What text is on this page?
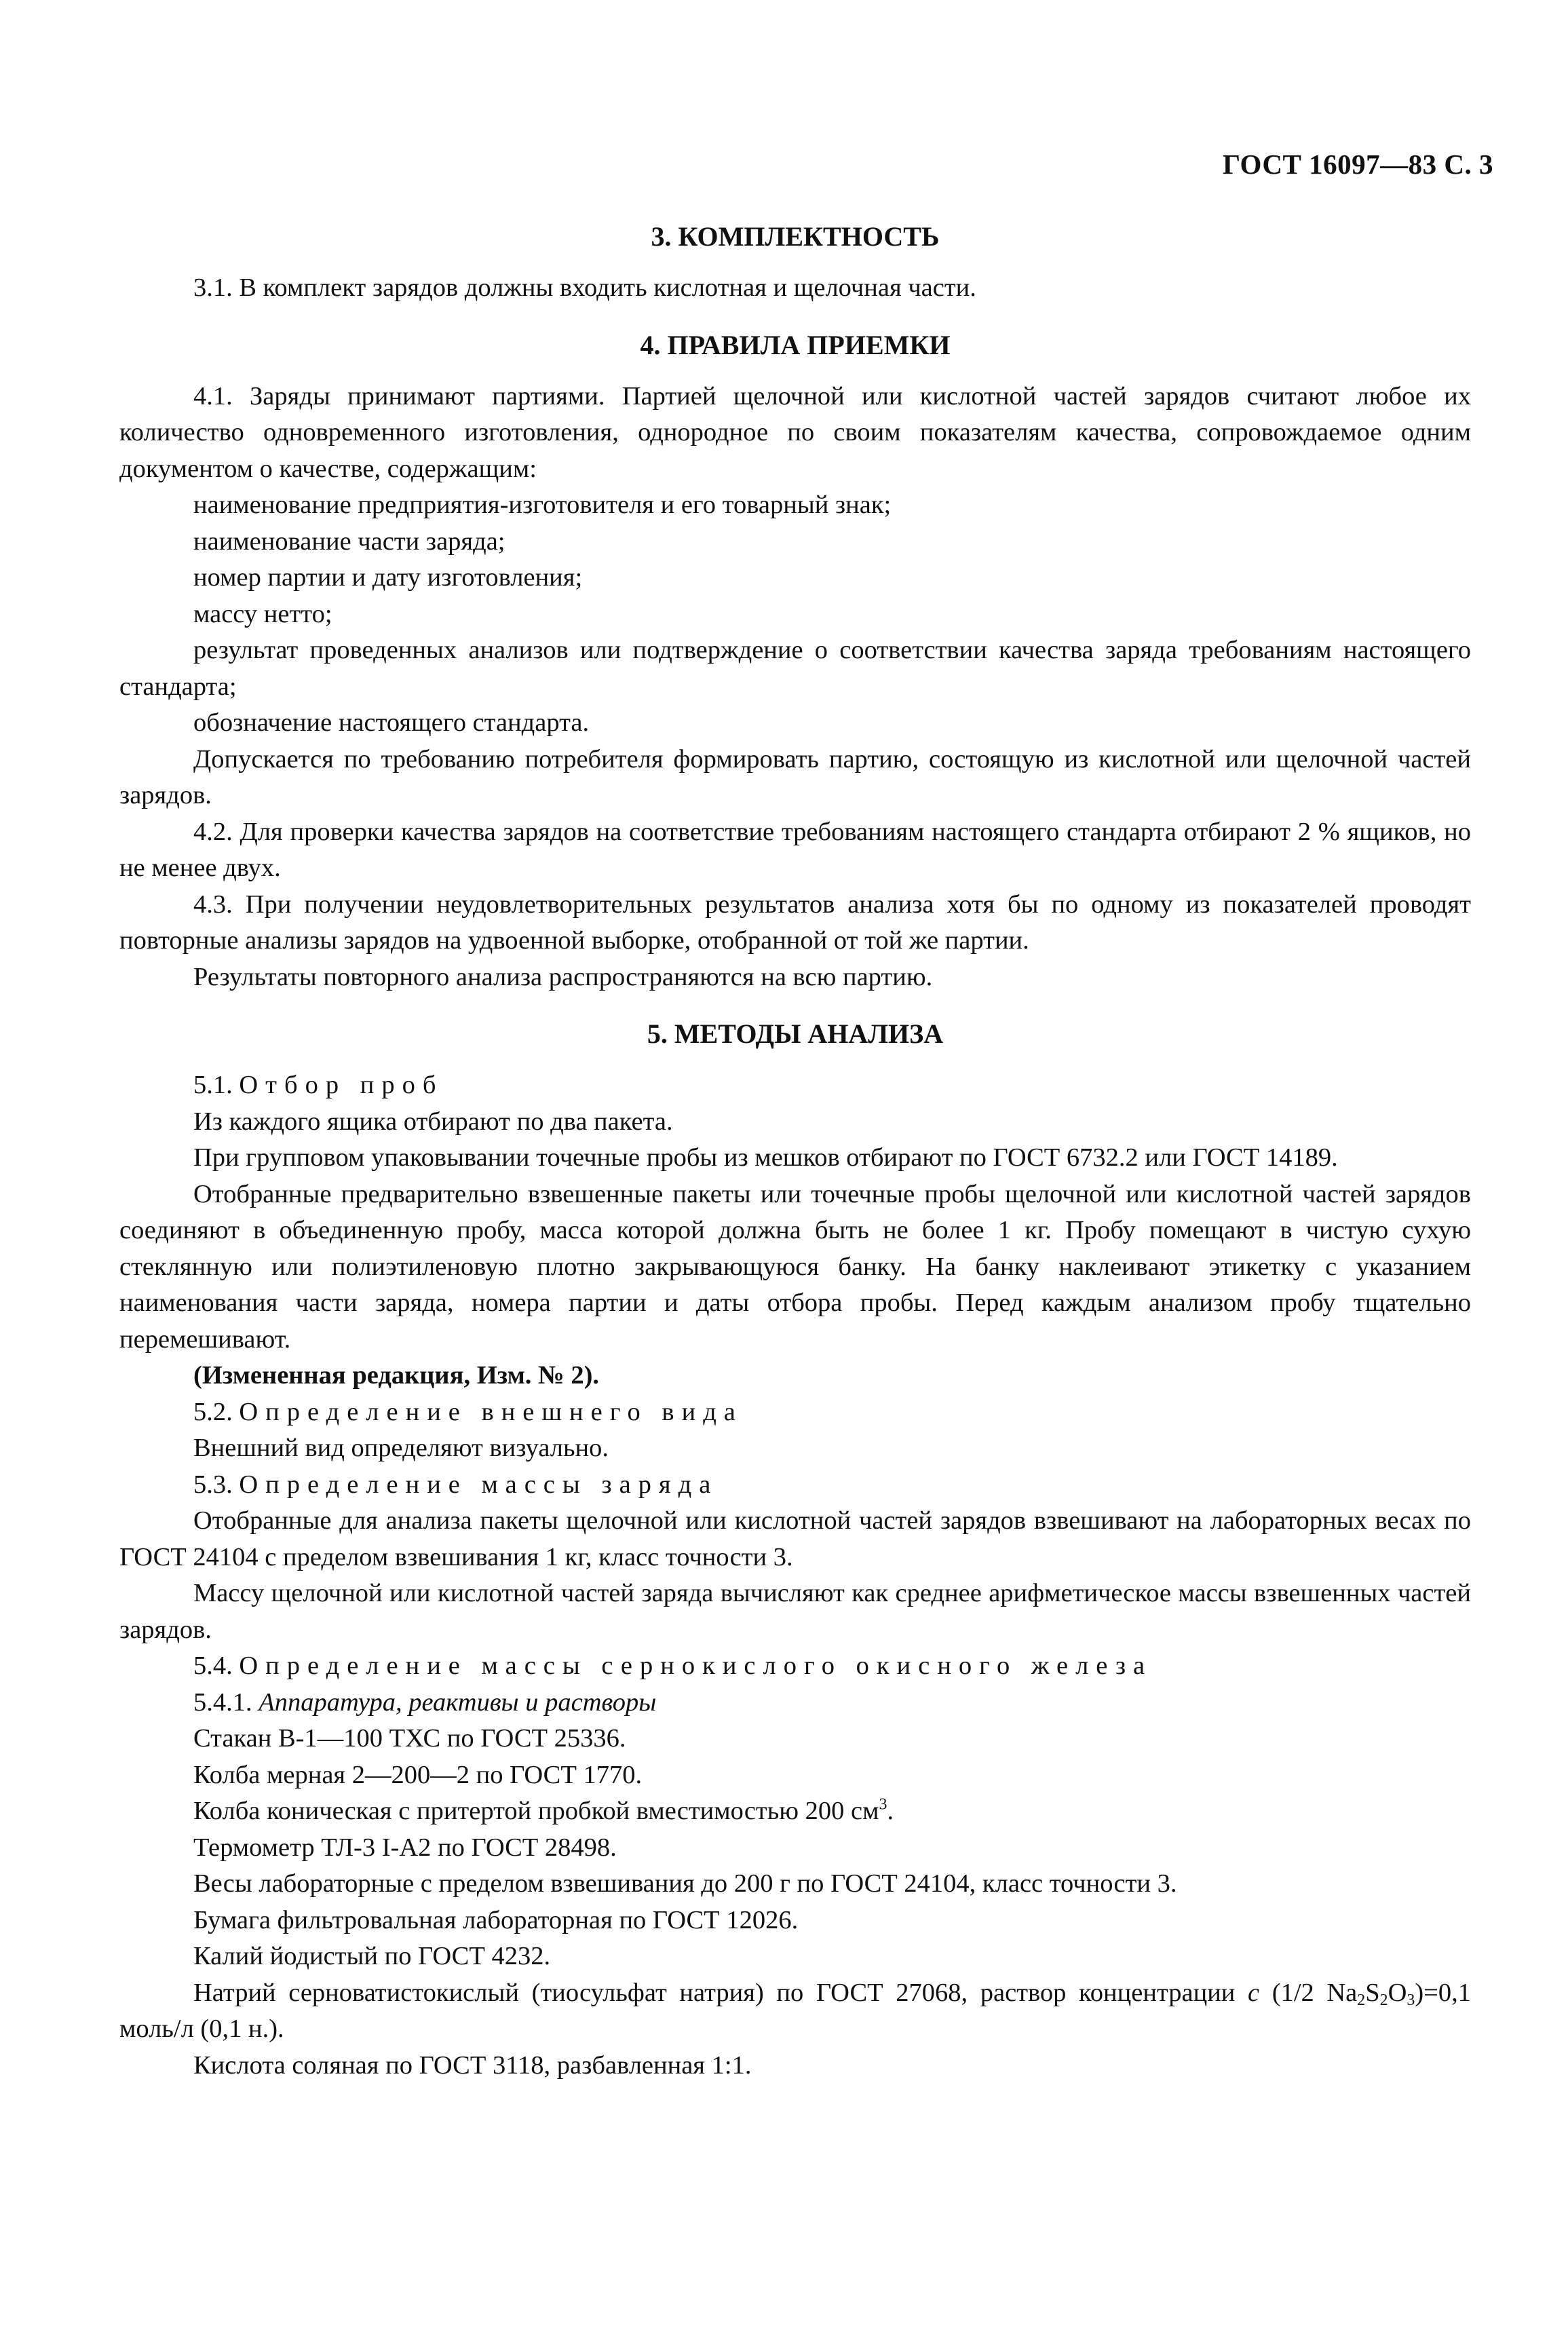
ГОСТ 16097—83 С. 3
3. КОМПЛЕКТНОСТЬ

3.1. В комплект зарядов должны входить кислотная и щелочная части.

4. ПРАВИЛА ПРИЕМКИ

4.1. Заряды принимают партиями. Партией щелочной или кислотной частей зарядов считают любое их количество одновременного изготовления, однородное по своим показателям качества, сопровождаемое одним документом о качестве, содержащим:

наименование предприятия-изготовителя и его товарный знак;

наименование части заряда;

номер партии и дату изготовления;

массу нетто;

результат проведенных анализов или подтверждение о соответствии качества заряда требованиям настоящего стандарта;

обозначение настоящего стандарта.

Допускается по требованию потребителя формировать партию, состоящую из кислотной или щелочной частей зарядов.

4.2. Для проверки качества зарядов на соответствие требованиям настоящего стандарта отбирают 2 % ящиков, но не менее двух.

4.3. При получении неудовлетворительных результатов анализа хотя бы по одному из показателей проводят повторные анализы зарядов на удвоенной выборке, отобранной от той же партии.

Результаты повторного анализа распространяются на всю партию.

5. МЕТОДЫ АНАЛИЗА

5.1. Отбор проб

Из каждого ящика отбирают по два пакета.

При групповом упаковывании точечные пробы из мешков отбирают по ГОСТ 6732.2 или ГОСТ 14189.

Отобранные предварительно взвешенные пакеты или точечные пробы щелочной или кислотной частей зарядов соединяют в объединенную пробу, масса которой должна быть не более 1 кг. Пробу помещают в чистую сухую стеклянную или полиэтиленовую плотно закрывающуюся банку. На банку наклеивают этикетку с указанием наименования части заряда, номера партии и даты отбора пробы. Перед каждым анализом пробу тщательно перемешивают.

(Измененная редакция, Изм. № 2).

5.2. Определение внешнего вида

Внешний вид определяют визуально.

5.3. Определение массы заряда

Отобранные для анализа пакеты щелочной или кислотной частей зарядов взвешивают на лабораторных весах по ГОСТ 24104 с пределом взвешивания 1 кг, класс точности 3.

Массу щелочной или кислотной частей заряда вычисляют как среднее арифметическое массы взвешенных частей зарядов.

5.4. Определение массы сернокислого окисного железа

5.4.1. Аппаратура, реактивы и растворы

Стакан В-1—100 ТХС по ГОСТ 25336.

Колба мерная 2—200—2 по ГОСТ 1770.

Колба коническая с притертой пробкой вместимостью 200 $см^3$.

Термометр ТЛ-3 I-А2 по ГОСТ 28498.

Весы лабораторные с пределом взвешивания до 200 г по ГОСТ 24104, класс точности 3.

Бумага фильтровальная лабораторная по ГОСТ 12026.

Калий йодистый по ГОСТ 4232.

Натрий серноватистокислый (тиосульфат натрия) по ГОСТ 27068, раствор концентрации c (1/2 $Na_2S_2O_3)=0,1$ моль/л (0,1 н.).

Кислота соляная по ГОСТ 3118, разбавленная 1:1.
